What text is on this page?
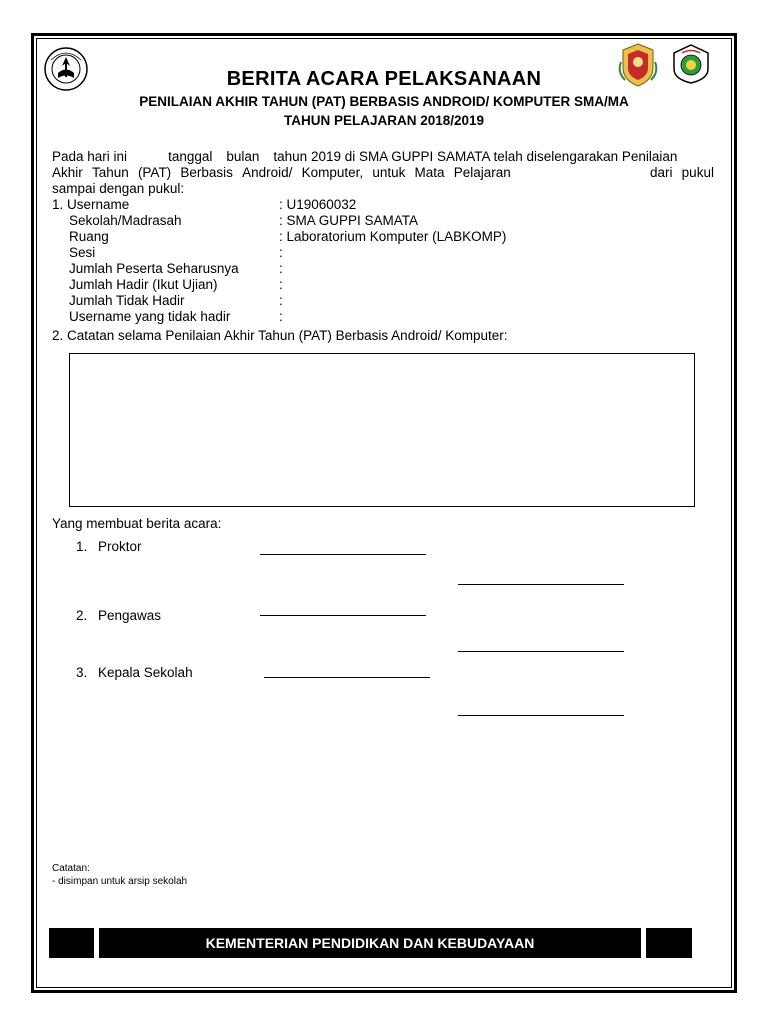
BERITA ACARA PELAKSANAAN
PENILAIAN AKHIR TAHUN (PAT) BERBASIS ANDROID/ KOMPUTER SMA/MA
TAHUN PELAJARAN 2018/2019
Pada hari ini	tanggal bulan tahun 2019 di SMA GUPPI SAMATA telah diselengarakan Penilaian
Akhir Tahun (PAT) Berbasis Android/ Komputer, untuk Mata Pelajaran	dari pukul
sampai dengan pukul:
1. Username	: U19060032
Sekolah/Madrasah	: SMA GUPPI SAMATA
Ruang	: Laboratorium Komputer (LABKOMP)
Sesi	:
Jumlah Peserta Seharusnya	:
Jumlah Hadir (Ikut Ujian)	:
Jumlah Tidak Hadir	:
Username yang tidak hadir	:
2. Catatan selama Penilaian Akhir Tahun (PAT) Berbasis Android/ Komputer:
Yang membuat berita acara:
1. Proktor
2. Pengawas
3. Kepala Sekolah
Catatan:
- disimpan untuk arsip sekolah
KEMENTERIAN PENDIDIKAN DAN KEBUDAYAAN
